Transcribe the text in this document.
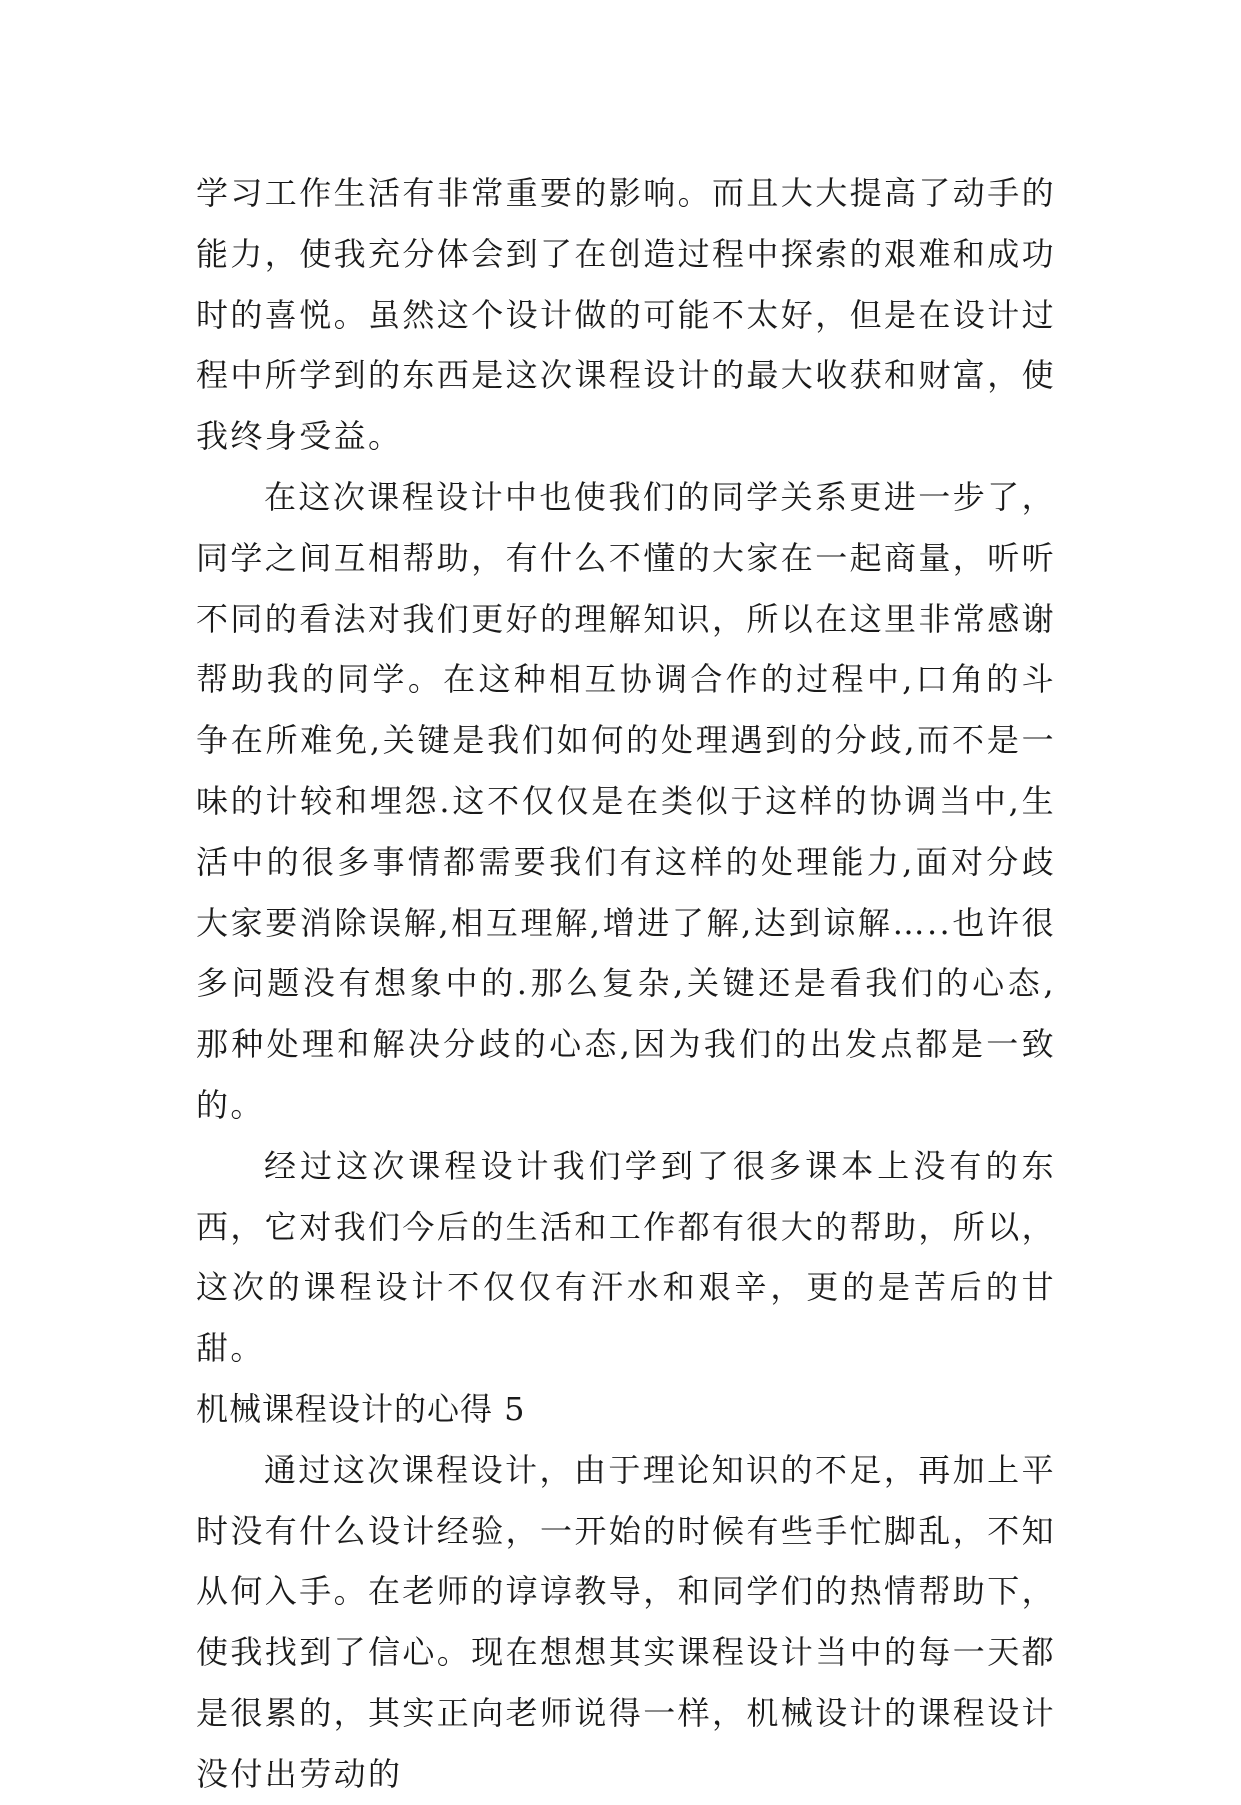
学习工作生活有非常重要的影响。而且大大提高了动手的能力，使我充分体会到了在创造过程中探索的艰难和成功时的喜悦。虽然这个设计做的可能不太好，但是在设计过程中所学到的东西是这次课程设计的最大收获和财富，使我终身受益。

在这次课程设计中也使我们的同学关系更进一步了，同学之间互相帮助，有什么不懂的大家在一起商量，听听不同的看法对我们更好的理解知识，所以在这里非常感谢帮助我的同学。在这种相互协调合作的过程中,口角的斗争在所难免,关键是我们如何的处理遇到的分歧,而不是一味的计较和埋怨.这不仅仅是在类似于这样的协调当中,生活中的很多事情都需要我们有这样的处理能力,面对分歧大家要消除误解,相互理解,增进了解,达到谅解…..也许很多问题没有想象中的.那么复杂,关键还是看我们的心态,那种处理和解决分歧的心态,因为我们的出发点都是一致的。

经过这次课程设计我们学到了很多课本上没有的东西，它对我们今后的生活和工作都有很大的帮助，所以，这次的课程设计不仅仅有汗水和艰辛，更的是苦后的甘甜。

机械课程设计的心得 5

通过这次课程设计，由于理论知识的不足，再加上平时没有什么设计经验，一开始的时候有些手忙脚乱，不知从何入手。在老师的谆谆教导，和同学们的热情帮助下，使我找到了信心。现在想想其实课程设计当中的每一天都是很累的，其实正向老师说得一样，机械设计的课程设计没付出劳动的
